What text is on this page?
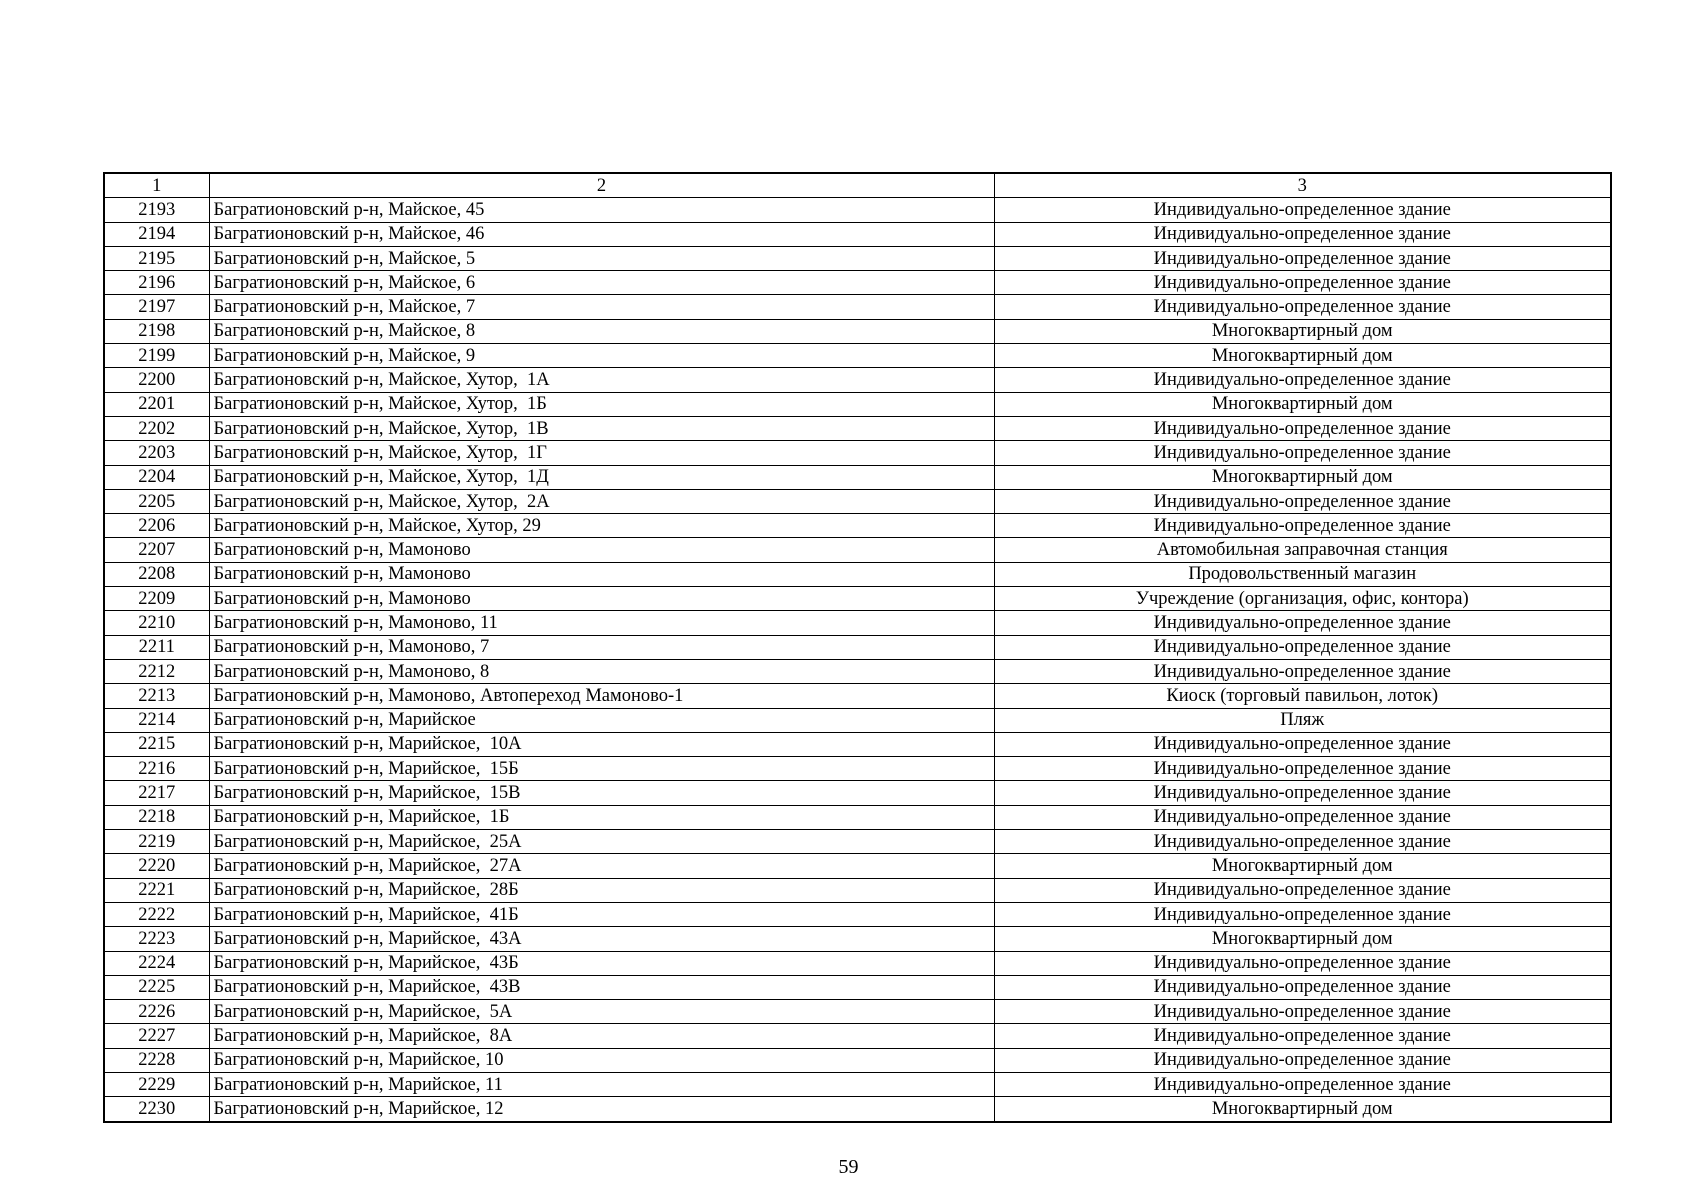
1	2	3
2193	Багратионовский р-н, Майское, 45	Индивидуально-определенное здание
2194	Багратионовский р-н, Майское, 46	Индивидуально-определенное здание
2195	Багратионовский р-н, Майское, 5	Индивидуально-определенное здание
2196	Багратионовский р-н, Майское, 6	Индивидуально-определенное здание
2197	Багратионовский р-н, Майское, 7	Индивидуально-определенное здание
2198	Багратионовский р-н, Майское, 8	Многоквартирный дом
2199	Багратионовский р-н, Майское, 9	Многоквартирный дом
2200	Багратионовский р-н, Майское, Хутор,  1А	Индивидуально-определенное здание
2201	Багратионовский р-н, Майское, Хутор,  1Б	Многоквартирный дом
2202	Багратионовский р-н, Майское, Хутор,  1В	Индивидуально-определенное здание
2203	Багратионовский р-н, Майское, Хутор,  1Г	Индивидуально-определенное здание
2204	Багратионовский р-н, Майское, Хутор,  1Д	Многоквартирный дом
2205	Багратионовский р-н, Майское, Хутор,  2А	Индивидуально-определенное здание
2206	Багратионовский р-н, Майское, Хутор, 29	Индивидуально-определенное здание
2207	Багратионовский р-н, Мамоново	Автомобильная заправочная станция
2208	Багратионовский р-н, Мамоново	Продовольственный магазин
2209	Багратионовский р-н, Мамоново	Учреждение (организация, офис, контора)
2210	Багратионовский р-н, Мамоново, 11	Индивидуально-определенное здание
2211	Багратионовский р-н, Мамоново, 7	Индивидуально-определенное здание
2212	Багратионовский р-н, Мамоново, 8	Индивидуально-определенное здание
2213	Багратионовский р-н, Мамоново, Автопереход Мамоново-1	Киоск (торговый павильон, лоток)
2214	Багратионовский р-н, Марийское	Пляж
2215	Багратионовский р-н, Марийское,  10А	Индивидуально-определенное здание
2216	Багратионовский р-н, Марийское,  15Б	Индивидуально-определенное здание
2217	Багратионовский р-н, Марийское,  15В	Индивидуально-определенное здание
2218	Багратионовский р-н, Марийское,  1Б	Индивидуально-определенное здание
2219	Багратионовский р-н, Марийское,  25А	Индивидуально-определенное здание
2220	Багратионовский р-н, Марийское,  27А	Многоквартирный дом
2221	Багратионовский р-н, Марийское,  28Б	Индивидуально-определенное здание
2222	Багратионовский р-н, Марийское,  41Б	Индивидуально-определенное здание
2223	Багратионовский р-н, Марийское,  43А	Многоквартирный дом
2224	Багратионовский р-н, Марийское,  43Б	Индивидуально-определенное здание
2225	Багратионовский р-н, Марийское,  43В	Индивидуально-определенное здание
2226	Багратионовский р-н, Марийское,  5А	Индивидуально-определенное здание
2227	Багратионовский р-н, Марийское,  8А	Индивидуально-определенное здание
2228	Багратионовский р-н, Марийское, 10	Индивидуально-определенное здание
2229	Багратионовский р-н, Марийское, 11	Индивидуально-определенное здание
2230	Багратионовский р-н, Марийское, 12	Многоквартирный дом
59
